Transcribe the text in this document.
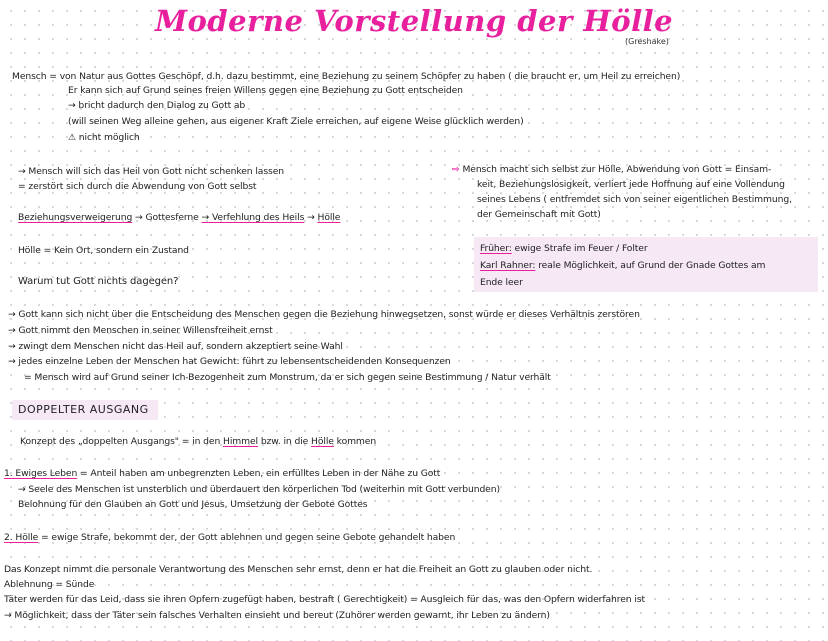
Moderne Vorstellung der Hölle
(Greshake)
Mensch = von Natur aus Gottes Geschöpf, d.h. dazu bestimmt, eine Beziehung zu seinem Schöpfer zu haben ( die braucht er, um Heil zu erreichen)
Er kann sich auf Grund seines freien Willens gegen eine Beziehung zu Gott entscheiden
→ bricht dadurch den Dialog zu Gott ab
(will seinen Weg alleine gehen, aus eigener Kraft Ziele erreichen, auf eigene Weise glücklich werden)
⚠ nicht möglich
→ Mensch will sich das Heil von Gott nicht schenken lassen
= zerstört sich durch die Abwendung von Gott selbst
Beziehungsverweigerung → Gottesferne → Verfehlung des Heils → Hölle
Hölle = Kein Ort, sondern ein Zustand
Warum tut Gott nichts dagegen?
⇨ Mensch macht sich selbst zur Hölle, Abwendung von Gott = Einsam-
keit, Beziehungslosigkeit, verliert jede Hoffnung auf eine Vollendung
seines Lebens ( entfremdet sich von seiner eigentlichen Bestimmung,
der Gemeinschaft mit Gott)
Früher: ewige Strafe im Feuer / Folter
Karl Rahner: reale Möglichkeit, auf Grund der Gnade Gottes am
Ende leer
→ Gott kann sich nicht über die Entscheidung des Menschen gegen die Beziehung hinwegsetzen, sonst würde er dieses Verhältnis zerstören
→ Gott nimmt den Menschen in seiner Willensfreiheit ernst
→ zwingt dem Menschen nicht das Heil auf, sondern akzeptiert seine Wahl
→ jedes einzelne Leben der Menschen hat Gewicht: führt zu lebensentscheidenden Konsequenzen
= Mensch wird auf Grund seiner Ich-Bezogenheit zum Monstrum, da er sich gegen seine Bestimmung / Natur verhält
DOPPELTER AUSGANG
Konzept des „doppelten Ausgangs" = in den Himmel bzw. in die Hölle kommen
1. Ewiges Leben = Anteil haben am unbegrenzten Leben, ein erfülltes Leben in der Nähe zu Gott
→ Seele des Menschen ist unsterblich und überdauert den körperlichen Tod (weiterhin mit Gott verbunden)
Belohnung für den Glauben an Gott und Jesus, Umsetzung der Gebote Gottes
2. Hölle = ewige Strafe, bekommt der, der Gott ablehnen und gegen seine Gebote gehandelt haben
Das Konzept nimmt die personale Verantwortung des Menschen sehr ernst, denn er hat die Freiheit an Gott zu glauben oder nicht.
Ablehnung = Sünde
Täter werden für das Leid, dass sie ihren Opfern zugefügt haben, bestraft ( Gerechtigkeit) = Ausgleich für das, was den Opfern widerfahren ist
→ Möglichkeit, dass der Täter sein falsches Verhalten einsieht und bereut (Zuhörer werden gewarnt, ihr Leben zu ändern)
